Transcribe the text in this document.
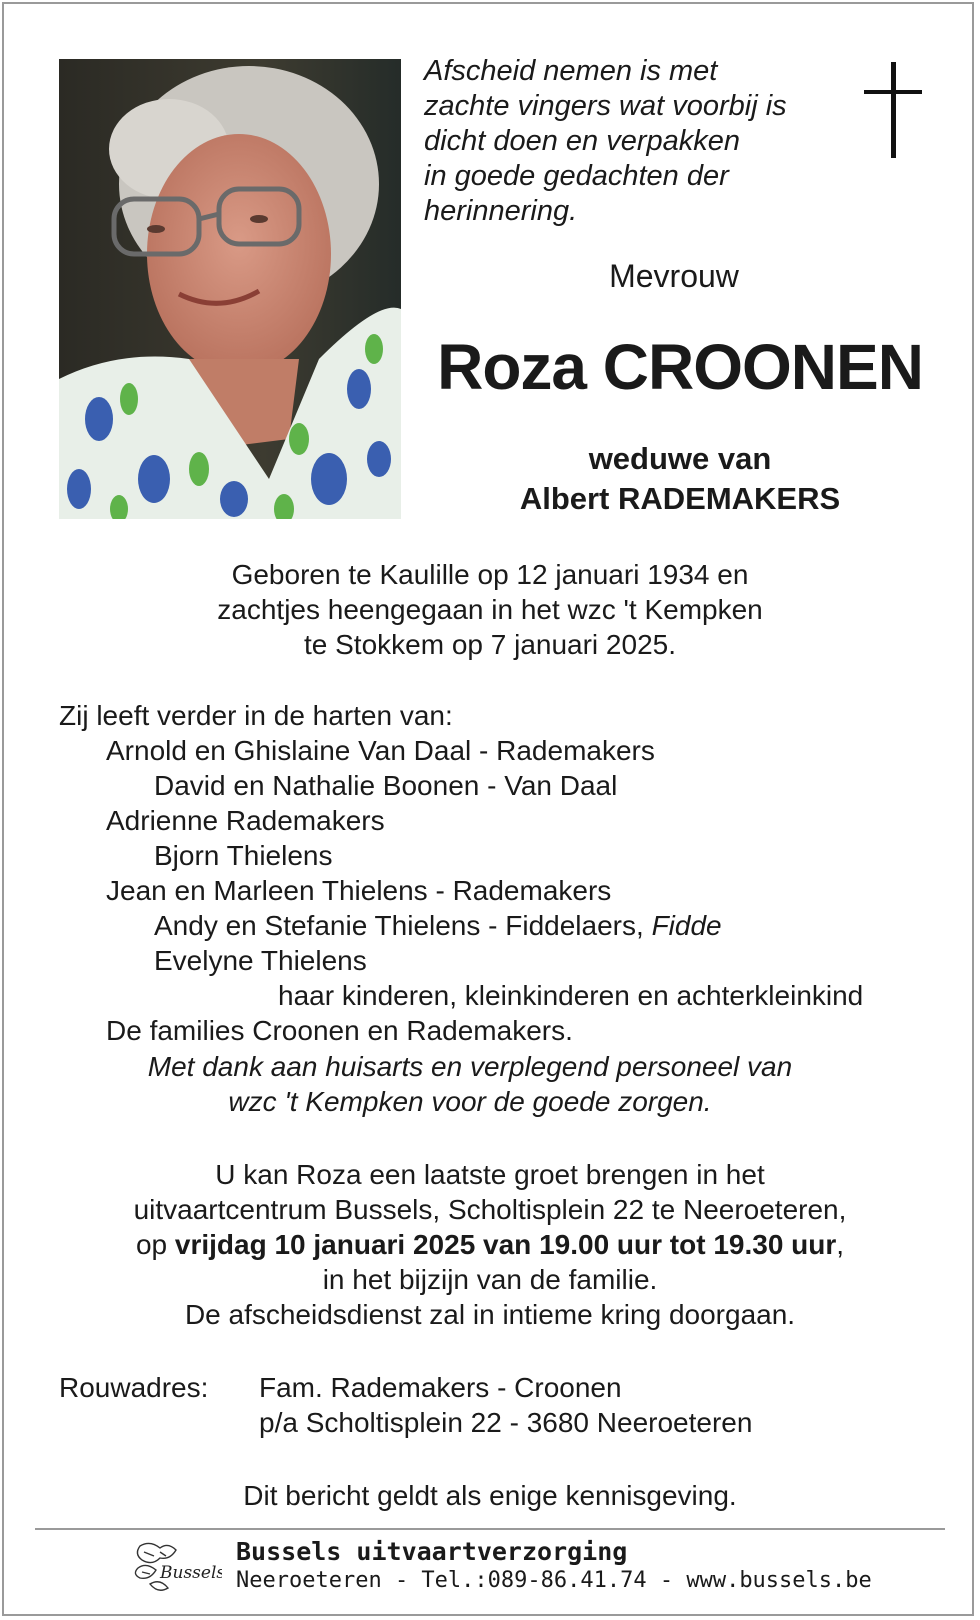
Afscheid nemen is met
zachte vingers wat voorbij is
dicht doen en verpakken
in goede gedachten der
herinnering.
Mevrouw
Roza CROONEN
weduwe van
Albert RADEMAKERS
Geboren te Kaulille op 12 januari 1934 en
zachtjes heengegaan in het wzc 't Kempken
te Stokkem op 7 januari 2025.
Zij leeft verder in de harten van:
Arnold en Ghislaine Van Daal - Rademakers
David en Nathalie Boonen - Van Daal
Adrienne Rademakers
Bjorn Thielens
Jean en Marleen Thielens - Rademakers
Andy en Stefanie Thielens - Fiddelaers, Fidde
Evelyne Thielens
haar kinderen, kleinkinderen en achterkleinkind
De families Croonen en Rademakers.
Met dank aan huisarts en verplegend personeel van
wzc 't Kempken voor de goede zorgen.
U kan Roza een laatste groet brengen in het
uitvaartcentrum Bussels, Scholtisplein 22 te Neeroeteren,
op vrijdag 10 januari 2025 van 19.00 uur tot 19.30 uur,
in het bijzijn van de familie.
De afscheidsdienst zal in intieme kring doorgaan.
Rouwadres: Fam. Rademakers - Croonen
p/a Scholtisplein 22 - 3680 Neeroeteren
Dit bericht geldt als enige kennisgeving.
Bussels
Bussels uitvaartverzorging
Neeroeteren - Tel.:089-86.41.74 - www.bussels.be
